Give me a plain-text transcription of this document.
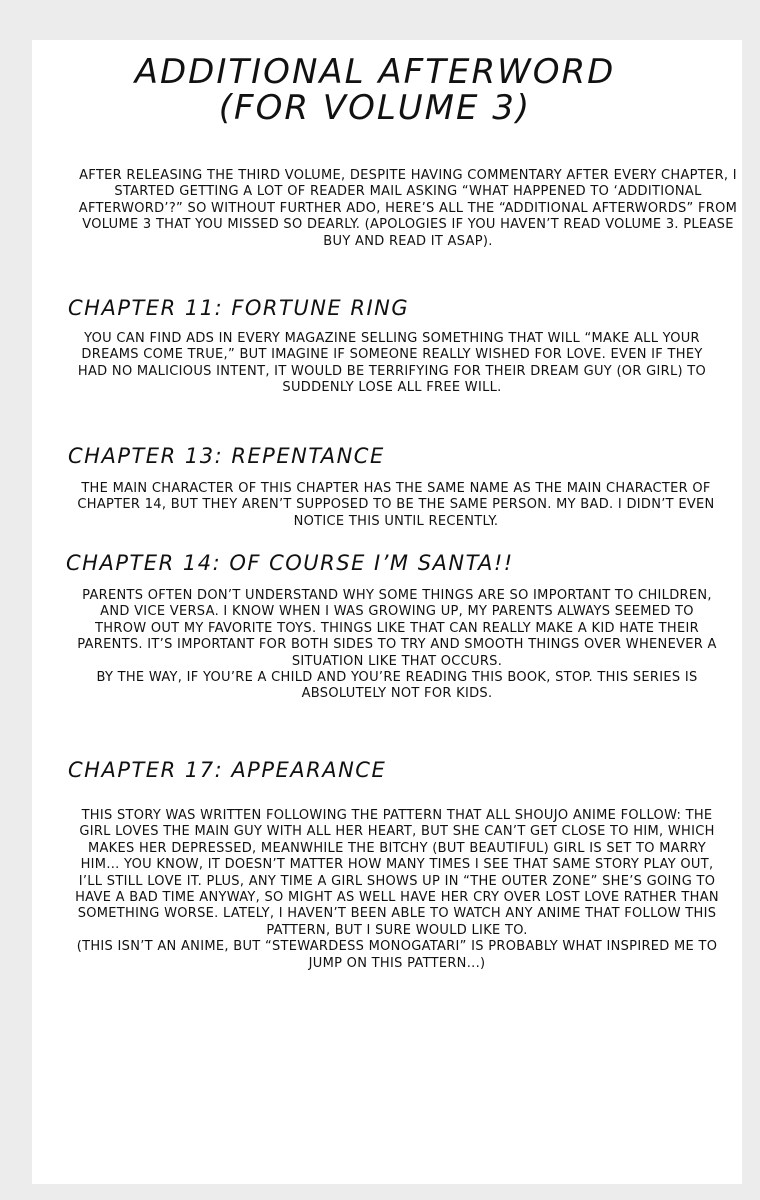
ADDITIONAL AFTERWORD
(FOR VOLUME 3)
AFTER RELEASING THE THIRD VOLUME, DESPITE HAVING COMMENTARY AFTER EVERY CHAPTER, I STARTED GETTING A LOT OF READER MAIL ASKING “WHAT HAPPENED TO ‘ADDITIONAL AFTERWORD’?” SO WITHOUT FURTHER ADO, HERE’S ALL THE “ADDITIONAL AFTERWORDS” FROM VOLUME 3 THAT YOU MISSED SO DEARLY. (APOLOGIES IF YOU HAVEN’T READ VOLUME 3. PLEASE BUY AND READ IT ASAP).
CHAPTER 11: FORTUNE RING
YOU CAN FIND ADS IN EVERY MAGAZINE SELLING SOMETHING THAT WILL “MAKE ALL YOUR DREAMS COME TRUE,” BUT IMAGINE IF SOMEONE REALLY WISHED FOR LOVE. EVEN IF THEY HAD NO MALICIOUS INTENT, IT WOULD BE TERRIFYING FOR THEIR DREAM GUY (OR GIRL) TO SUDDENLY LOSE ALL FREE WILL.
CHAPTER 13: REPENTANCE
THE MAIN CHARACTER OF THIS CHAPTER HAS THE SAME NAME AS THE MAIN CHARACTER OF CHAPTER 14, BUT THEY AREN’T SUPPOSED TO BE THE SAME PERSON. MY BAD. I DIDN’T EVEN NOTICE THIS UNTIL RECENTLY.
CHAPTER 14: OF COURSE I’M SANTA!!
PARENTS OFTEN DON’T UNDERSTAND WHY SOME THINGS ARE SO IMPORTANT TO CHILDREN, AND VICE VERSA. I KNOW WHEN I WAS GROWING UP, MY PARENTS ALWAYS SEEMED TO THROW OUT MY FAVORITE TOYS. THINGS LIKE THAT CAN REALLY MAKE A KID HATE THEIR PARENTS. IT’S IMPORTANT FOR BOTH SIDES TO TRY AND SMOOTH THINGS OVER WHENEVER A SITUATION LIKE THAT OCCURS.
BY THE WAY, IF YOU’RE A CHILD AND YOU’RE READING THIS BOOK, STOP. THIS SERIES IS ABSOLUTELY NOT FOR KIDS.
CHAPTER 17: APPEARANCE
THIS STORY WAS WRITTEN FOLLOWING THE PATTERN THAT ALL SHOUJO ANIME FOLLOW: THE GIRL LOVES THE MAIN GUY WITH ALL HER HEART, BUT SHE CAN’T GET CLOSE TO HIM, WHICH MAKES HER DEPRESSED, MEANWHILE THE BITCHY (BUT BEAUTIFUL) GIRL IS SET TO MARRY HIM... YOU KNOW, IT DOESN’T MATTER HOW MANY TIMES I SEE THAT SAME STORY PLAY OUT, I’LL STILL LOVE IT. PLUS, ANY TIME A GIRL SHOWS UP IN “THE OUTER ZONE” SHE’S GOING TO HAVE A BAD TIME ANYWAY, SO MIGHT AS WELL HAVE HER CRY OVER LOST LOVE RATHER THAN SOMETHING WORSE. LATELY, I HAVEN’T BEEN ABLE TO WATCH ANY ANIME THAT FOLLOW THIS PATTERN, BUT I SURE WOULD LIKE TO.
(THIS ISN’T AN ANIME, BUT “STEWARDESS MONOGATARI” IS PROBABLY WHAT INSPIRED ME TO JUMP ON THIS PATTERN...)
